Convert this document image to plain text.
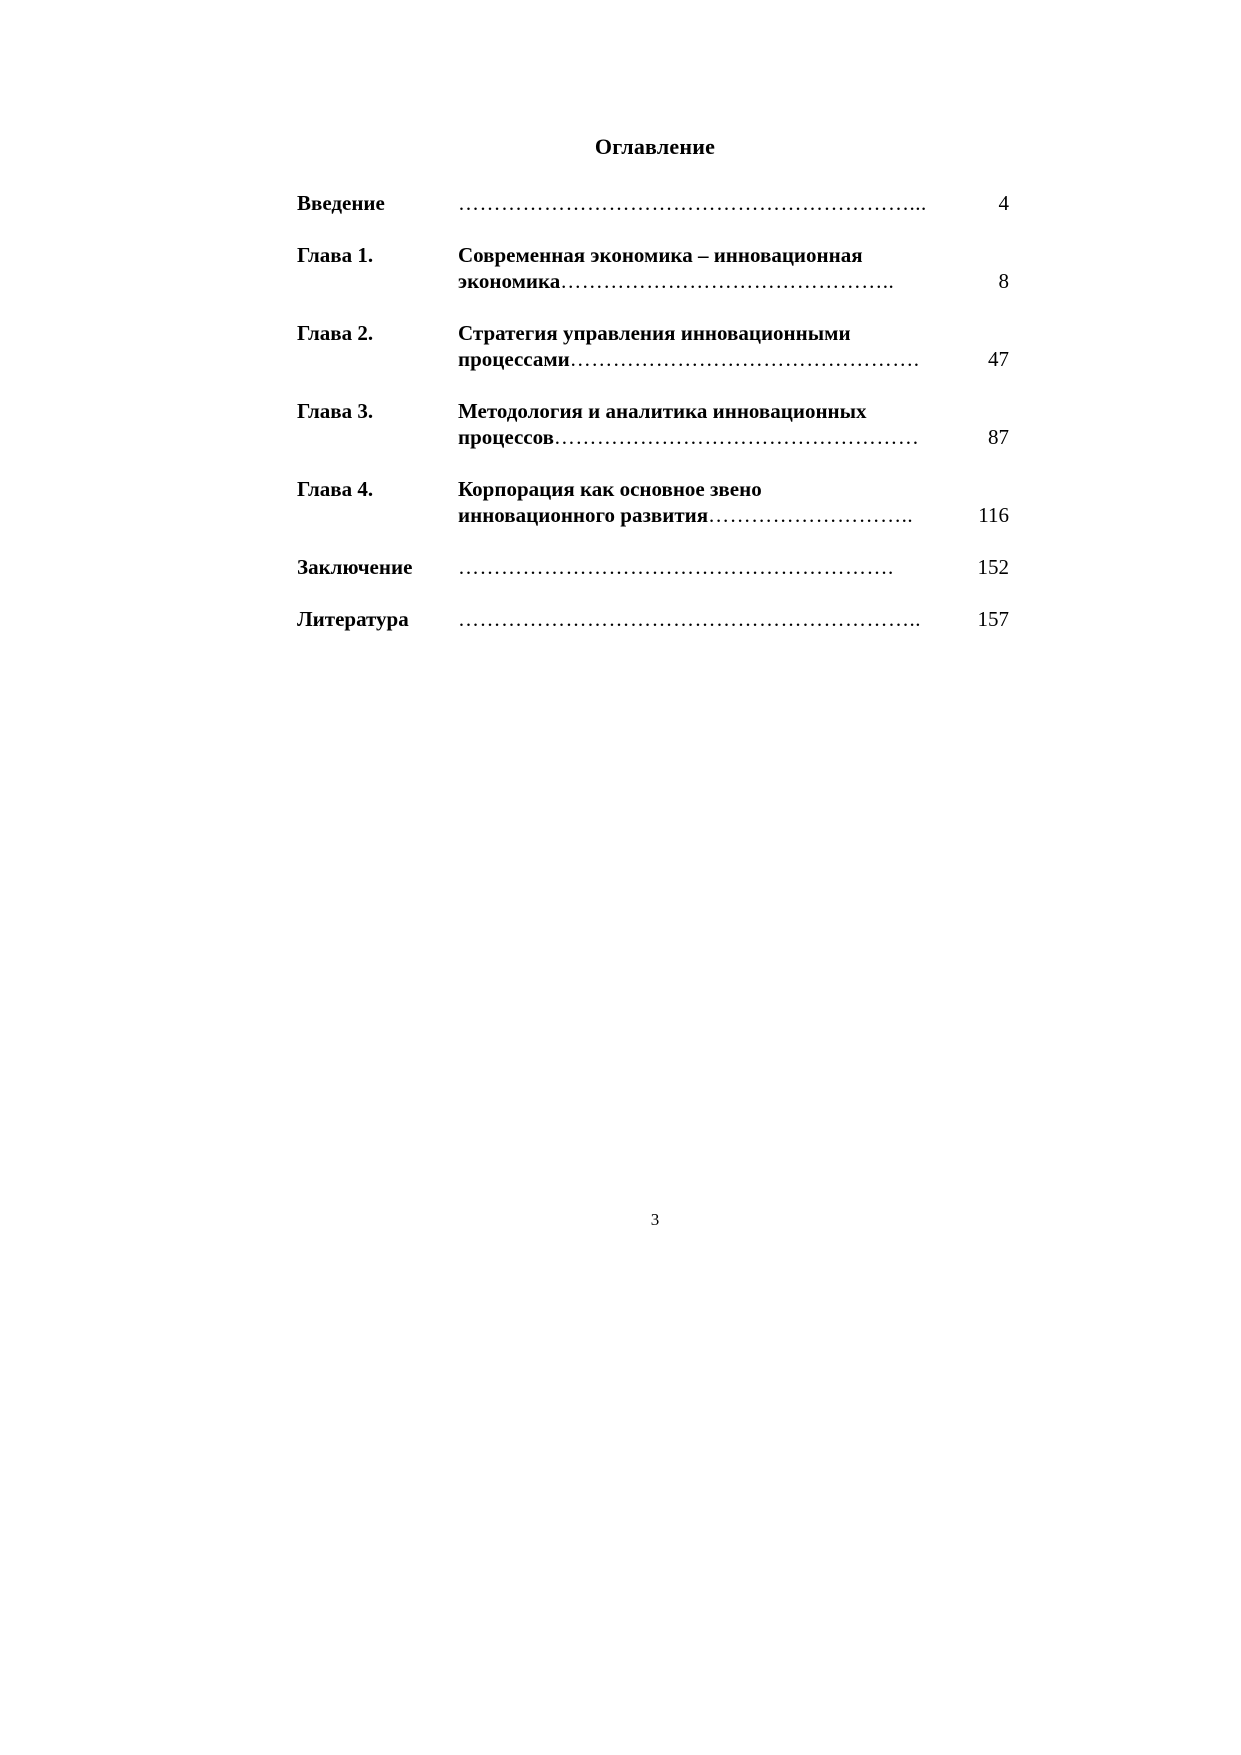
Оглавление
Введение	………………………………………………………...	4
Глава 1.	Современная экономика – инновационная
экономика………………………………………..	8
Глава 2.	Стратегия управления инновационными
процессами………………………………………….	47
Глава 3.	Методология и аналитика инновационных
процессов……………………………………………	87
Глава 4.	Корпорация как основное звено
инновационного развития………………………..	116
Заключение …………………………………………………….	152
Литература ………………………………………………………..	157
3
